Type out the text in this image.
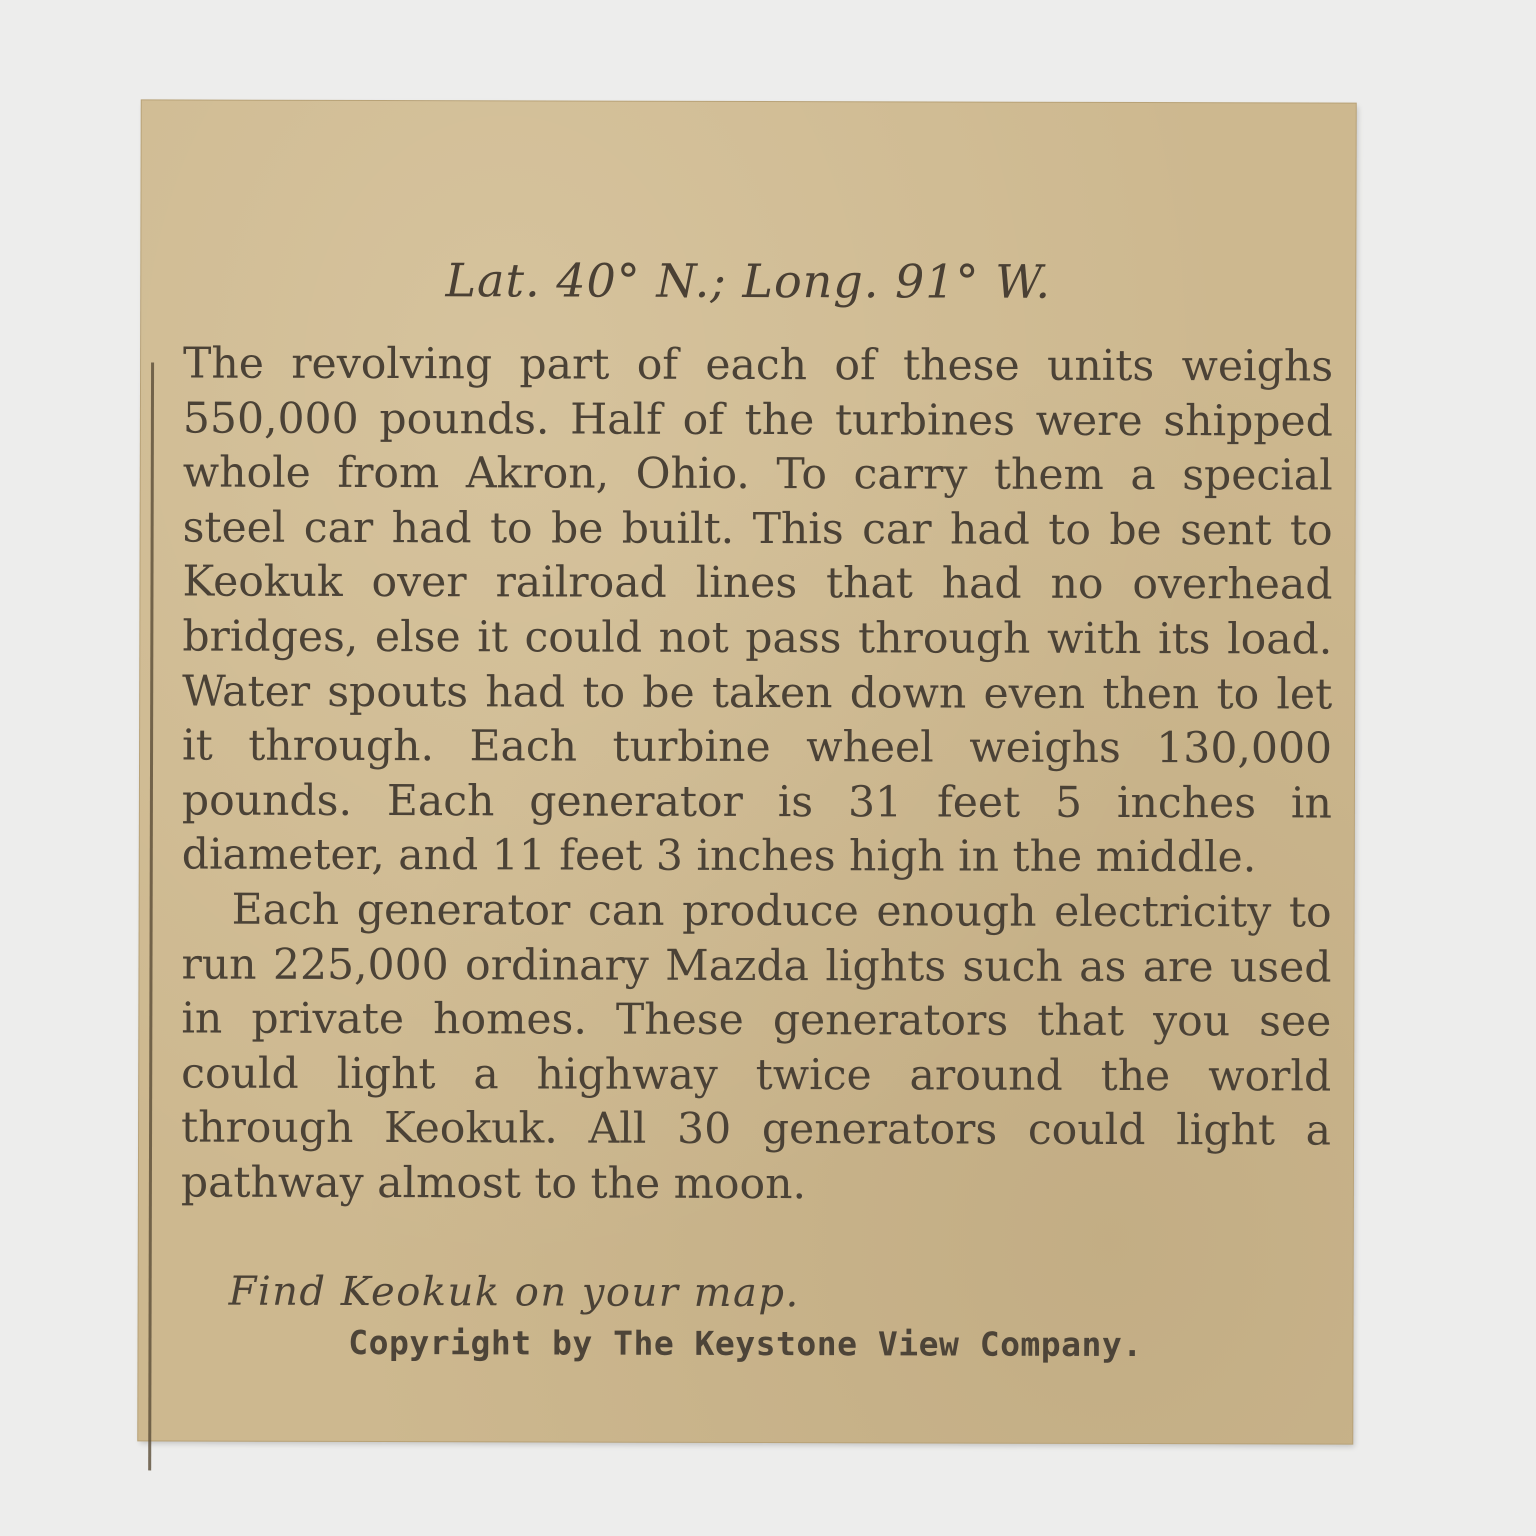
Lat. 40° N.; Long. 91° W.

The revolving part of each of these units weighs 550,000 pounds. Half of the turbines were shipped whole from Akron, Ohio. To carry them a special steel car had to be built. This car had to be sent to Keokuk over railroad lines that had no overhead bridges, else it could not pass through with its load. Water spouts had to be taken down even then to let it through. Each turbine wheel weighs 130,000 pounds. Each generator is 31 feet 5 inches in diameter, and 11 feet 3 inches high in the middle.

Each generator can produce enough electricity to run 225,000 ordinary Mazda lights such as are used in private homes. These generators that you see could light a highway twice around the world through Keokuk. All 30 generators could light a pathway almost to the moon.

Find Keokuk on your map.
Copyright by The Keystone View Company.
